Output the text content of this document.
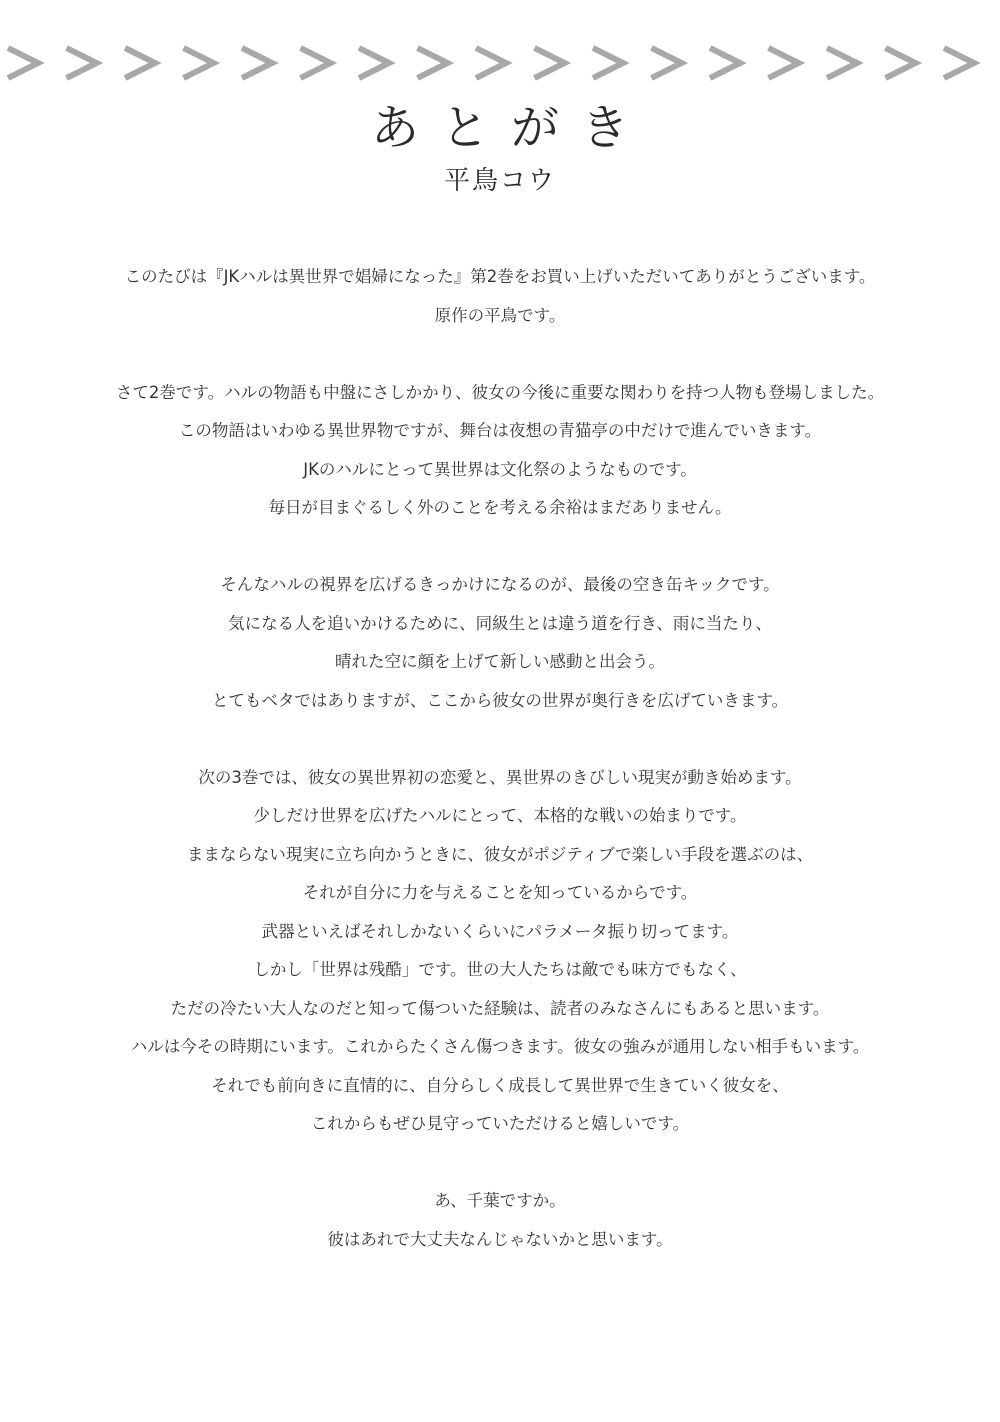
あとがき
平鳥コウ
このたびは『JKハルは異世界で娼婦になった』第2巻をお買い上げいただいてありがとうございます。
原作の平鳥です。
さて2巻です。ハルの物語も中盤にさしかかり、彼女の今後に重要な関わりを持つ人物も登場しました。
この物語はいわゆる異世界物ですが、舞台は夜想の青猫亭の中だけで進んでいきます。
JKのハルにとって異世界は文化祭のようなものです。
毎日が目まぐるしく外のことを考える余裕はまだありません。
そんなハルの視界を広げるきっかけになるのが、最後の空き缶キックです。
気になる人を追いかけるために、同級生とは違う道を行き、雨に当たり、
晴れた空に顔を上げて新しい感動と出会う。
とてもベタではありますが、ここから彼女の世界が奥行きを広げていきます。
次の3巻では、彼女の異世界初の恋愛と、異世界のきびしい現実が動き始めます。
少しだけ世界を広げたハルにとって、本格的な戦いの始まりです。
ままならない現実に立ち向かうときに、彼女がポジティブで楽しい手段を選ぶのは、
それが自分に力を与えることを知っているからです。
武器といえばそれしかないくらいにパラメータ振り切ってます。
しかし「世界は残酷」です。世の大人たちは敵でも味方でもなく、
ただの冷たい大人なのだと知って傷ついた経験は、読者のみなさんにもあると思います。
ハルは今その時期にいます。これからたくさん傷つきます。彼女の強みが通用しない相手もいます。
それでも前向きに直情的に、自分らしく成長して異世界で生きていく彼女を、
これからもぜひ見守っていただけると嬉しいです。
あ、千葉ですか。
彼はあれで大丈夫なんじゃないかと思います。
